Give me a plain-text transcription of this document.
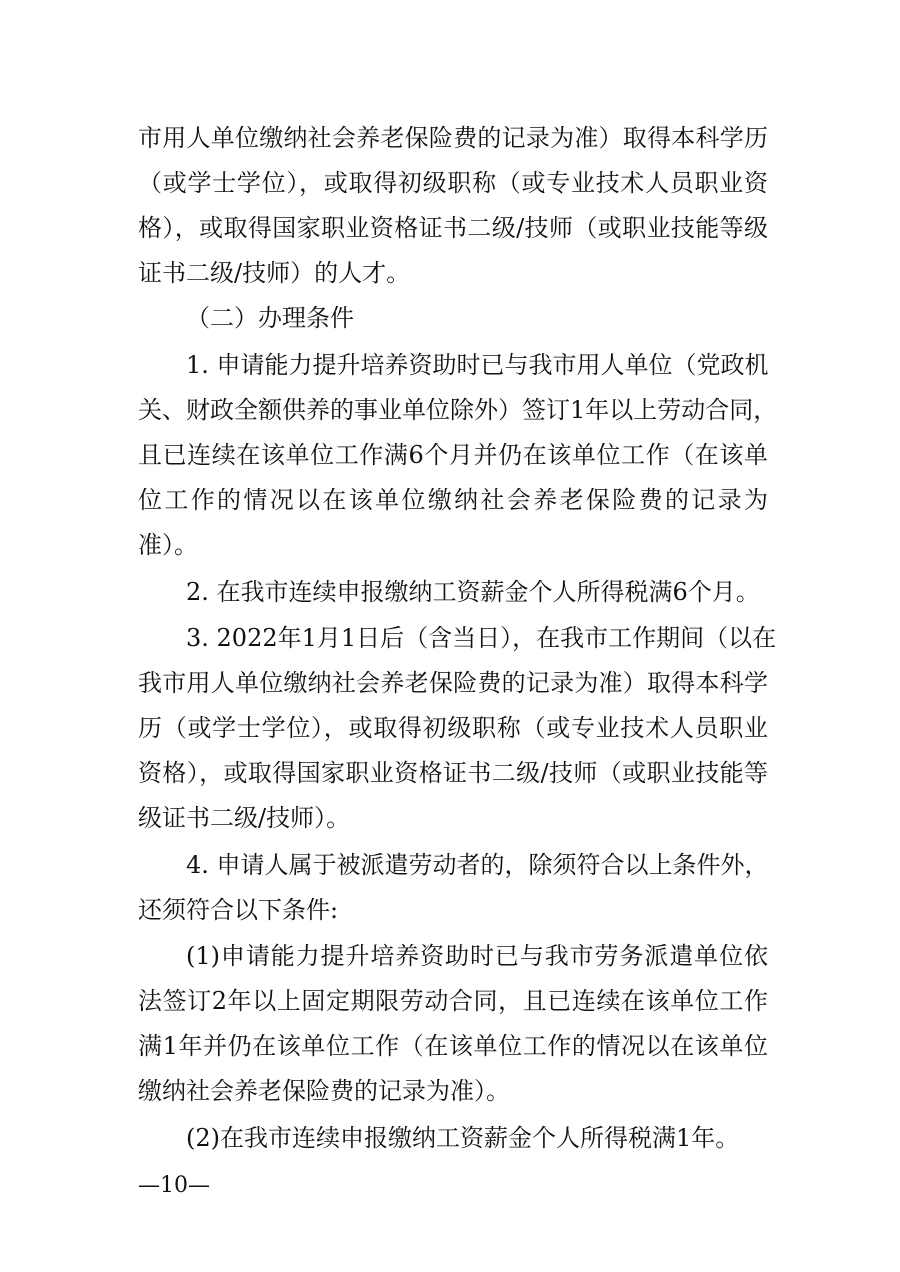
市用人单位缴纳社会养老保险费的记录为准）取得本科学历
（或学士学位），或取得初级职称（或专业技术人员职业资
格），或取得国家职业资格证书二级/技师（或职业技能等级
证书二级/技师）的人才。
（二）办理条件
1. 申请能力提升培养资助时已与我市用人单位（党政机
关、财政全额供养的事业单位除外）签订1年以上劳动合同，
且已连续在该单位工作满6个月并仍在该单位工作（在该单
位工作的情况以在该单位缴纳社会养老保险费的记录为
准）。
2. 在我市连续申报缴纳工资薪金个人所得税满6个月。
3. 2022年1月1日后（含当日），在我市工作期间（以在
我市用人单位缴纳社会养老保险费的记录为准）取得本科学
历（或学士学位），或取得初级职称（或专业技术人员职业
资格），或取得国家职业资格证书二级/技师（或职业技能等
级证书二级/技师）。
4. 申请人属于被派遣劳动者的，除须符合以上条件外，
还须符合以下条件:
(1)申请能力提升培养资助时已与我市劳务派遣单位依
法签订2年以上固定期限劳动合同，且已连续在该单位工作
满1年并仍在该单位工作（在该单位工作的情况以在该单位
缴纳社会养老保险费的记录为准）。
(2)在我市连续申报缴纳工资薪金个人所得税满1年。
—10—
